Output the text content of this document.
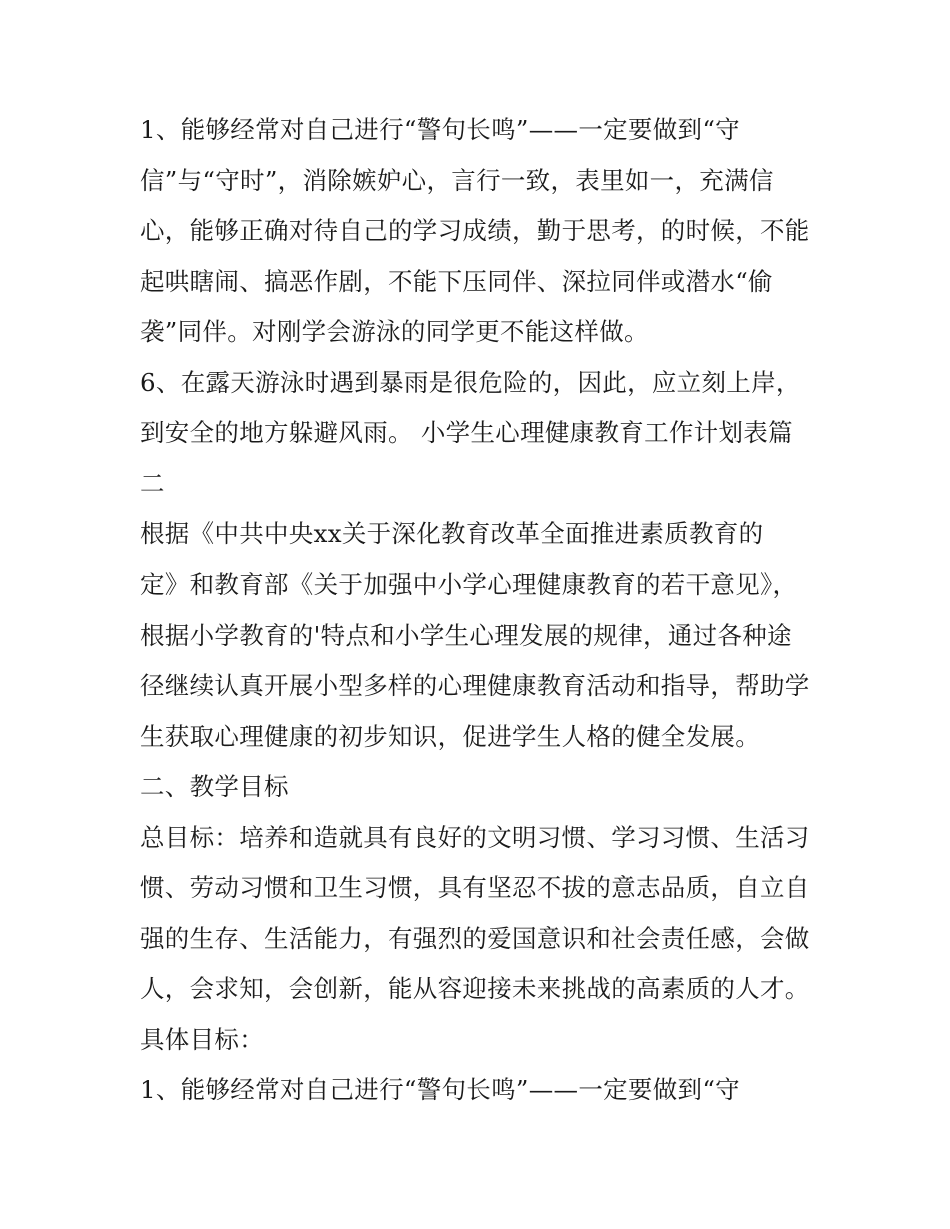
1、能够经常对自己进行“警句长鸣”——一定要做到“守
信”与“守时”，消除嫉妒心，言行一致，表里如一，充满信
心，能够正确对待自己的学习成绩，勤于思考，的时候，不能
起哄瞎闹、搞恶作剧，不能下压同伴、深拉同伴或潜水“偷
袭”同伴。对刚学会游泳的同学更不能这样做。
6、在露天游泳时遇到暴雨是很危险的，因此，应立刻上岸，
到安全的地方躲避风雨。 小学生心理健康教育工作计划表篇
二
根据《中共中央xx关于深化教育改革全面推进素质教育的
定》和教育部《关于加强中小学心理健康教育的若干意见》，
根据小学教育的'特点和小学生心理发展的规律，通过各种途
径继续认真开展小型多样的心理健康教育活动和指导，帮助学
生获取心理健康的初步知识，促进学生人格的健全发展。
二、教学目标
总目标：培养和造就具有良好的文明习惯、学习习惯、生活习
惯、劳动习惯和卫生习惯，具有坚忍不拔的意志品质，自立自
强的生存、生活能力，有强烈的爱国意识和社会责任感，会做
人，会求知，会创新，能从容迎接未来挑战的高素质的人才。
具体目标：
1、能够经常对自己进行“警句长鸣”——一定要做到“守
